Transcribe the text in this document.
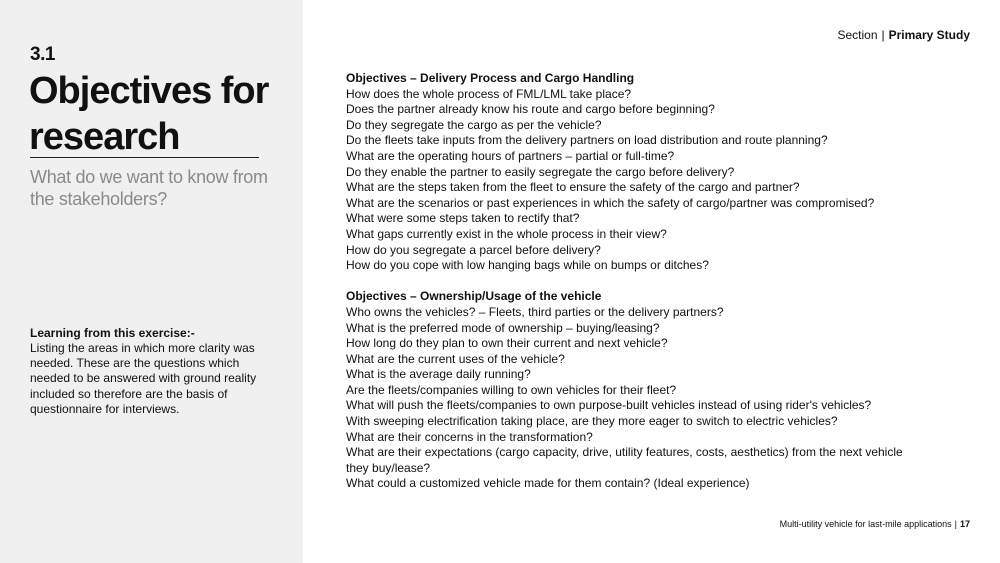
3.1
Objectives for research
What do we want to know from the stakeholders?
Learning from this exercise:-
Listing the areas in which more clarity was needed. These are the questions which needed to be answered with ground reality included so therefore are the basis of questionnaire for interviews.
Section | Primary Study
Objectives – Delivery Process and Cargo Handling
How does the whole process of FML/LML take place?
Does the partner already know his route and cargo before beginning?
Do they segregate the cargo as per the vehicle?
Do the fleets take inputs from the delivery partners on load distribution and route planning?
What are the operating hours of partners – partial or full-time?
Do they enable the partner to easily segregate the cargo before delivery?
What are the steps taken from the fleet to ensure the safety of the cargo and partner?
What are the scenarios or past experiences in which the safety of cargo/partner was compromised?
What were some steps taken to rectify that?
What gaps currently exist in the whole process in their view?
How do you segregate a parcel before delivery?
How do you cope with low hanging bags while on bumps or ditches?
Objectives – Ownership/Usage of the vehicle
Who owns the vehicles? – Fleets, third parties or the delivery partners?
What is the preferred mode of ownership – buying/leasing?
How long do they plan to own their current and next vehicle?
What are the current uses of the vehicle?
What is the average daily running?
Are the fleets/companies willing to own vehicles for their fleet?
What will push the fleets/companies to own purpose-built vehicles instead of using rider's vehicles?
With sweeping electrification taking place, are they more eager to switch to electric vehicles?
What are their concerns in the transformation?
What are their expectations (cargo capacity, drive, utility features, costs, aesthetics) from the next vehicle
they buy/lease?
What could a customized vehicle made for them contain? (Ideal experience)
Multi-utility vehicle for last-mile applications | 17
